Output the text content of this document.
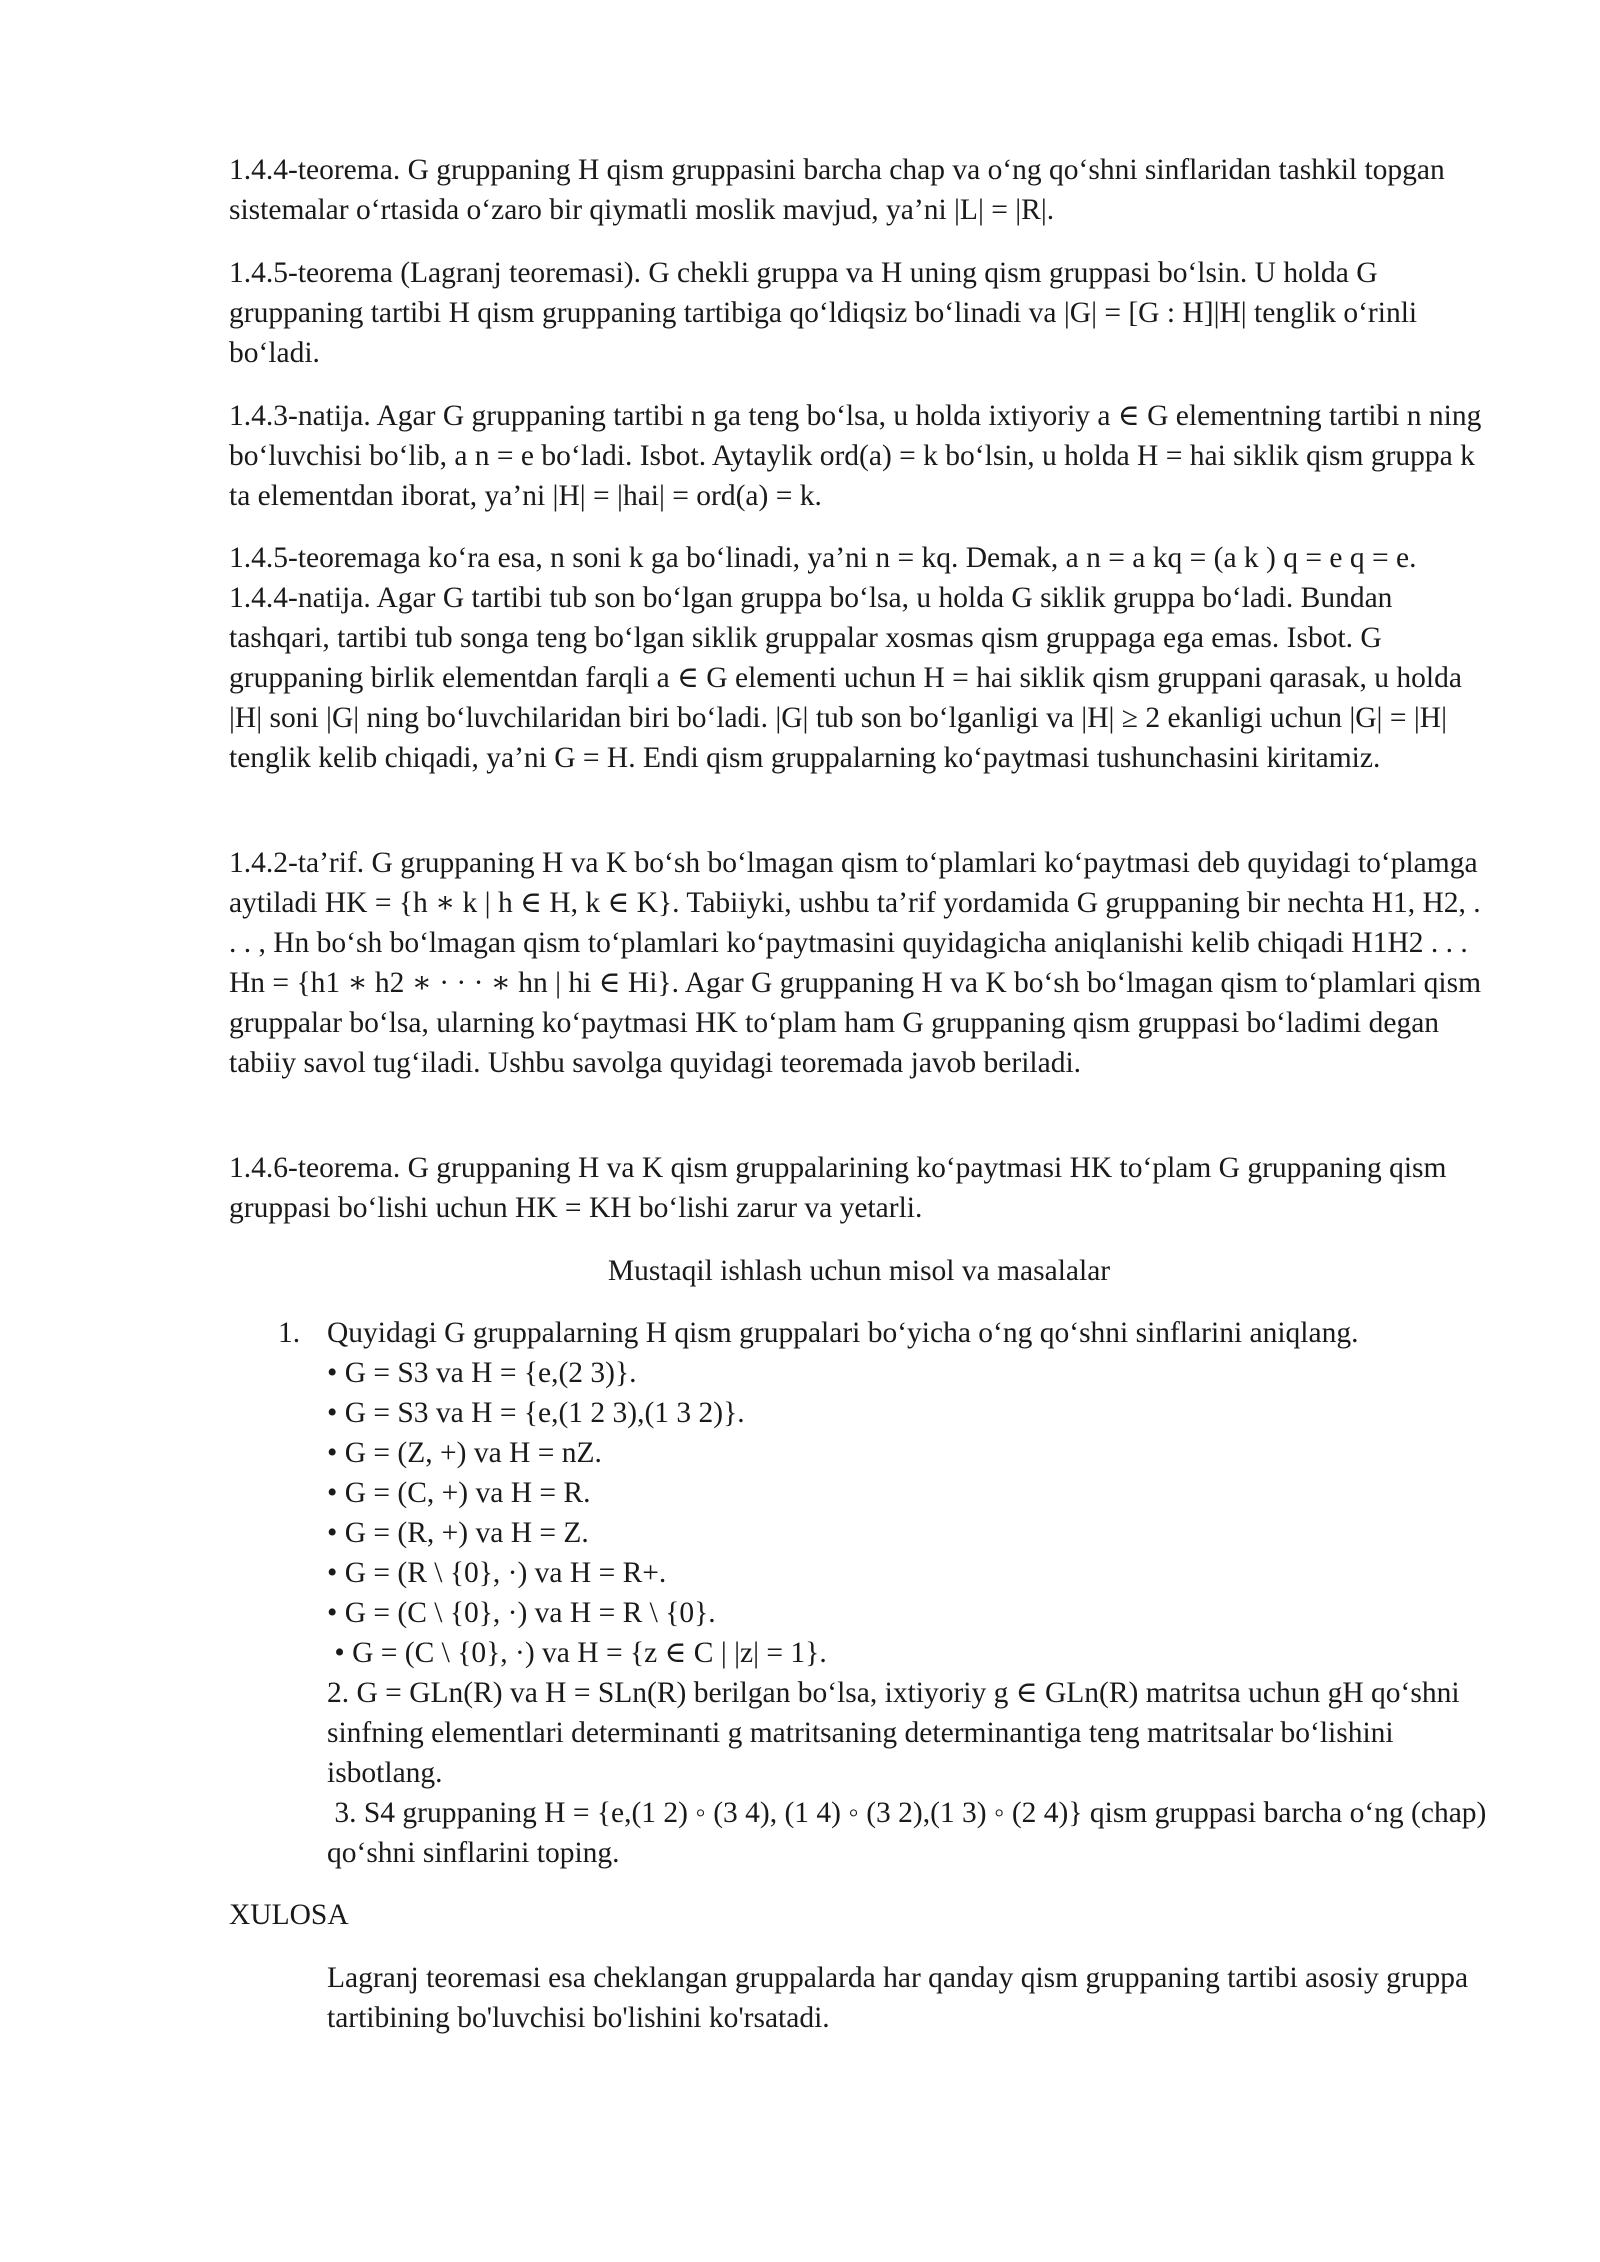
1.4.4-teorema. G gruppaning H qism gruppasini barcha chap va o‘ng qo‘shni sinflaridan tashkil topgan sistemalar o‘rtasida o‘zaro bir qiymatli moslik mavjud, ya’ni |L| = |R|.

1.4.5-teorema (Lagranj teoremasi). G chekli gruppa va H uning qism gruppasi bo‘lsin. U holda G gruppaning tartibi H qism gruppaning tartibiga qo‘ldiqsiz bo‘linadi va |G| = [G : H]|H| tenglik o‘rinli bo‘ladi.

1.4.3-natija. Agar G gruppaning tartibi n ga teng bo‘lsa, u holda ixtiyoriy a ∈ G elementning tartibi n ning bo‘luvchisi bo‘lib, a n = e bo‘ladi. Isbot. Aytaylik ord(a) = k bo‘lsin, u holda H = hai siklik qism gruppa k ta elementdan iborat, ya’ni |H| = |hai| = ord(a) = k.

1.4.5-teoremaga ko‘ra esa, n soni k ga bo‘linadi, ya’ni n = kq. Demak, a n = a kq = (a k ) q = e q = e. 1.4.4-natija. Agar G tartibi tub son bo‘lgan gruppa bo‘lsa, u holda G siklik gruppa bo‘ladi. Bundan tashqari, tartibi tub songa teng bo‘lgan siklik gruppalar xosmas qism gruppaga ega emas. Isbot. G gruppaning birlik elementdan farqli a ∈ G elementi uchun H = hai siklik qism gruppani qarasak, u holda |H| soni |G| ning bo‘luvchilaridan biri bo‘ladi. |G| tub son bo‘lganligi va |H| ≥ 2 ekanligi uchun |G| = |H| tenglik kelib chiqadi, ya’ni G = H. Endi qism gruppalarning ko‘paytmasi tushunchasini kiritamiz.

1.4.2-ta’rif. G gruppaning H va K bo‘sh bo‘lmagan qism to‘plamlari ko‘paytmasi deb quyidagi to‘plamga aytiladi HK = {h ∗ k | h ∈ H, k ∈ K}. Tabiiyki, ushbu ta’rif yordamida G gruppaning bir nechta H1, H2, . . . , Hn bo‘sh bo‘lmagan qism to‘plamlari ko‘paytmasini quyidagicha aniqlanishi kelib chiqadi H1H2 . . . Hn = {h1 ∗ h2 ∗ · · · ∗ hn | hi ∈ Hi}. Agar G gruppaning H va K bo‘sh bo‘lmagan qism to‘plamlari qism gruppalar bo‘lsa, ularning ko‘paytmasi HK to‘plam ham G gruppaning qism gruppasi bo‘ladimi degan tabiiy savol tug‘iladi. Ushbu savolga quyidagi teoremada javob beriladi.

1.4.6-teorema. G gruppaning H va K qism gruppalarining ko‘paytmasi HK to‘plam G gruppaning qism gruppasi bo‘lishi uchun HK = KH bo‘lishi zarur va yetarli.

Mustaqil ishlash uchun misol va masalalar
1. Quyidagi G gruppalarning H qism gruppalari bo‘yicha o‘ng qo‘shni sinflarini aniqlang.
• G = S3 va H = {e,(2 3)}.
• G = S3 va H = {e,(1 2 3),(1 3 2)}.
• G = (Z, +) va H = nZ.
• G = (C, +) va H = R.
• G = (R, +) va H = Z.
• G = (R \ {0}, ·) va H = R+.
• G = (C \ {0}, ·) va H = R \ {0}.
• G = (C \ {0}, ·) va H = {z ∈ C | |z| = 1}.

2. G = GLn(R) va H = SLn(R) berilgan bo‘lsa, ixtiyoriy g ∈ GLn(R) matritsa uchun gH qo‘shni sinfning elementlari determinanti g matritsaning determinantiga teng matritsalar bo‘lishini isbotlang.

3. S4 gruppaning H = {e,(1 2) ◦ (3 4), (1 4) ◦ (3 2),(1 3) ◦ (2 4)} qism gruppasi barcha o‘ng (chap) qo‘shni sinflarini toping.

XULOSA

Lagranj teoremasi esa cheklangan gruppalarda har qanday qism gruppaning tartibi asosiy gruppa tartibining bo'luvchisi bo'lishini ko'rsatadi.
